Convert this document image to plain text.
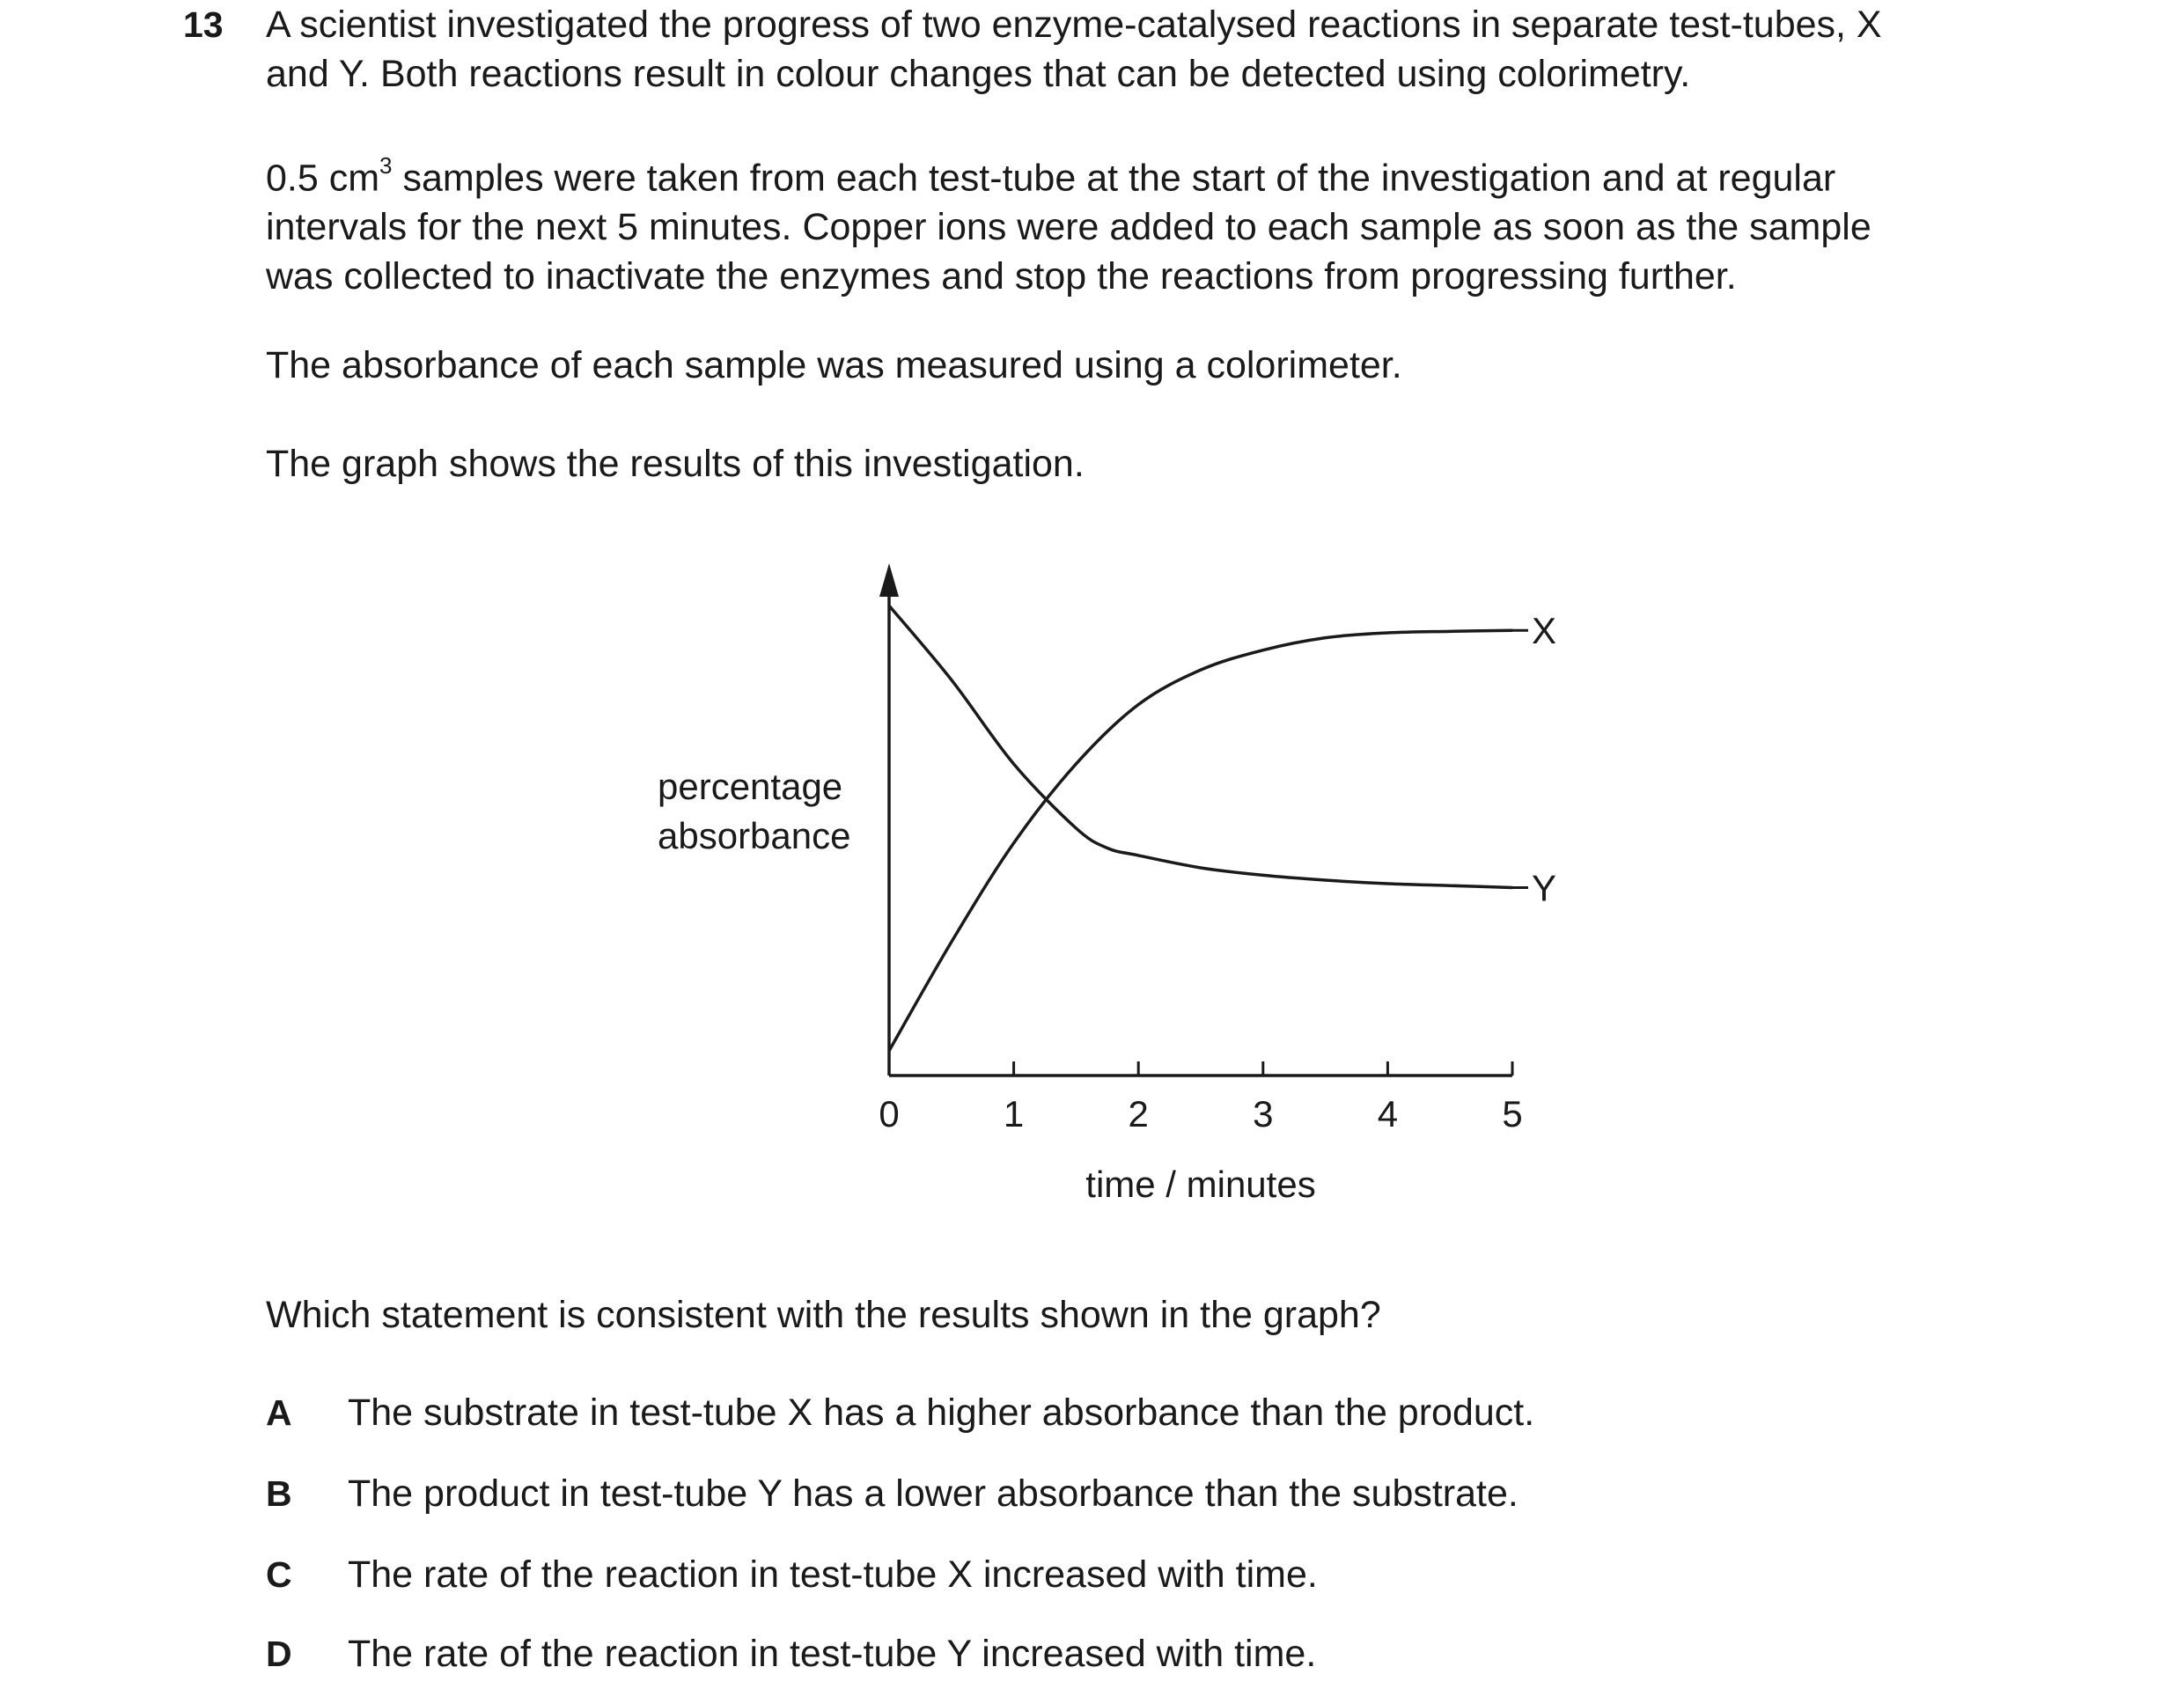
13 A scientist investigated the progress of two enzyme-catalysed reactions in separate test-tubes, X
and Y. Both reactions result in colour changes that can be detected using colorimetry.

0.5 $cm^3$ samples were taken from each test-tube at the start of the investigation and at regular
intervals for the next 5 minutes. Copper ions were added to each sample as soon as the sample
was collected to inactivate the enzymes and stop the reactions from progressing further.

The absorbance of each sample was measured using a colorimeter.

The graph shows the results of this investigation.

0	1	2	3	4	5
X
Y
percentage
absorbance
time / minutes
Which statement is consistent with the results shown in the graph?
A The substrate in test-tube X has a higher absorbance than the product.
B The product in test-tube Y has a lower absorbance than the substrate.
C The rate of the reaction in test-tube X increased with time.
D The rate of the reaction in test-tube Y increased with time.
